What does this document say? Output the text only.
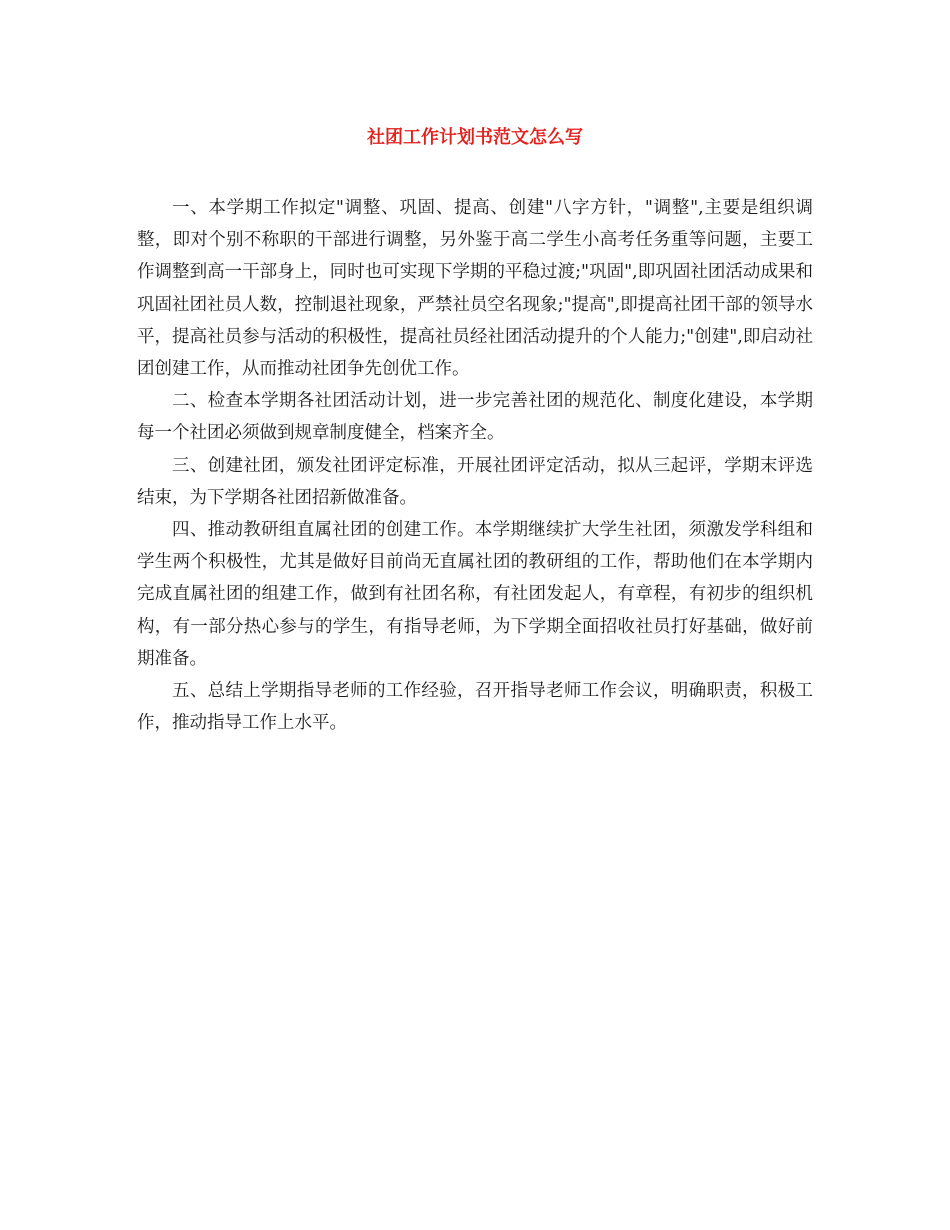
社团工作计划书范文怎么写

一、本学期工作拟定"调整、巩固、提高、创建"八字方针，"调整",主要是组织调整，即对个别不称职的干部进行调整，另外鉴于高二学生小高考任务重等问题，主要工作调整到高一干部身上，同时也可实现下学期的平稳过渡;"巩固",即巩固社团活动成果和巩固社团社员人数，控制退社现象，严禁社员空名现象;"提高",即提高社团干部的领导水平，提高社员参与活动的积极性，提高社员经社团活动提升的个人能力;"创建",即启动社团创建工作，从而推动社团争先创优工作。

二、检查本学期各社团活动计划，进一步完善社团的规范化、制度化建设，本学期每一个社团必须做到规章制度健全，档案齐全。

三、创建社团，颁发社团评定标准，开展社团评定活动，拟从三起评，学期末评选结束，为下学期各社团招新做准备。

四、推动教研组直属社团的创建工作。本学期继续扩大学生社团，须激发学科组和学生两个积极性，尤其是做好目前尚无直属社团的教研组的工作，帮助他们在本学期内完成直属社团的组建工作，做到有社团名称，有社团发起人，有章程，有初步的组织机构，有一部分热心参与的学生，有指导老师，为下学期全面招收社员打好基础，做好前期准备。

五、总结上学期指导老师的工作经验，召开指导老师工作会议，明确职责，积极工作，推动指导工作上水平。
